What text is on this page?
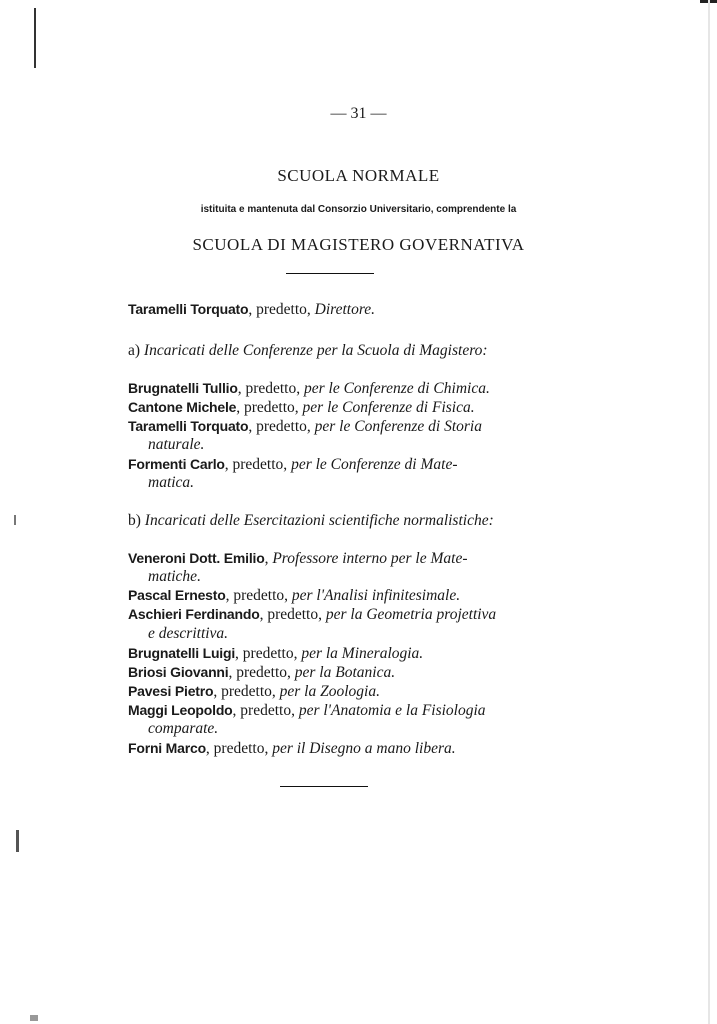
— 31 —
SCUOLA NORMALE
istituita e mantenuta dal Consorzio Universitario, comprendente la
SCUOLA DI MAGISTERO GOVERNATIVA
Taramelli Torquato, predetto, Direttore.
a) Incaricati delle Conferenze per la Scuola di Magistero:
Brugnatelli Tullio, predetto, per le Conferenze di Chimica.
Cantone Michele, predetto, per le Conferenze di Fisica.
Taramelli Torquato, predetto, per le Conferenze di Storia
naturale.
Formenti Carlo, predetto, per le Conferenze di Mate-
matica.
b) Incaricati delle Esercitazioni scientifiche normalistiche:
Veneroni Dott. Emilio, Professore interno per le Mate-
matiche.
Pascal Ernesto, predetto, per l'Analisi infinitesimale.
Aschieri Ferdinando, predetto, per la Geometria projettiva
e descrittiva.
Brugnatelli Luigi, predetto, per la Mineralogia.
Briosi Giovanni, predetto, per la Botanica.
Pavesi Pietro, predetto, per la Zoologia.
Maggi Leopoldo, predetto, per l'Anatomia e la Fisiologia
comparate.
Forni Marco, predetto, per il Disegno a mano libera.
